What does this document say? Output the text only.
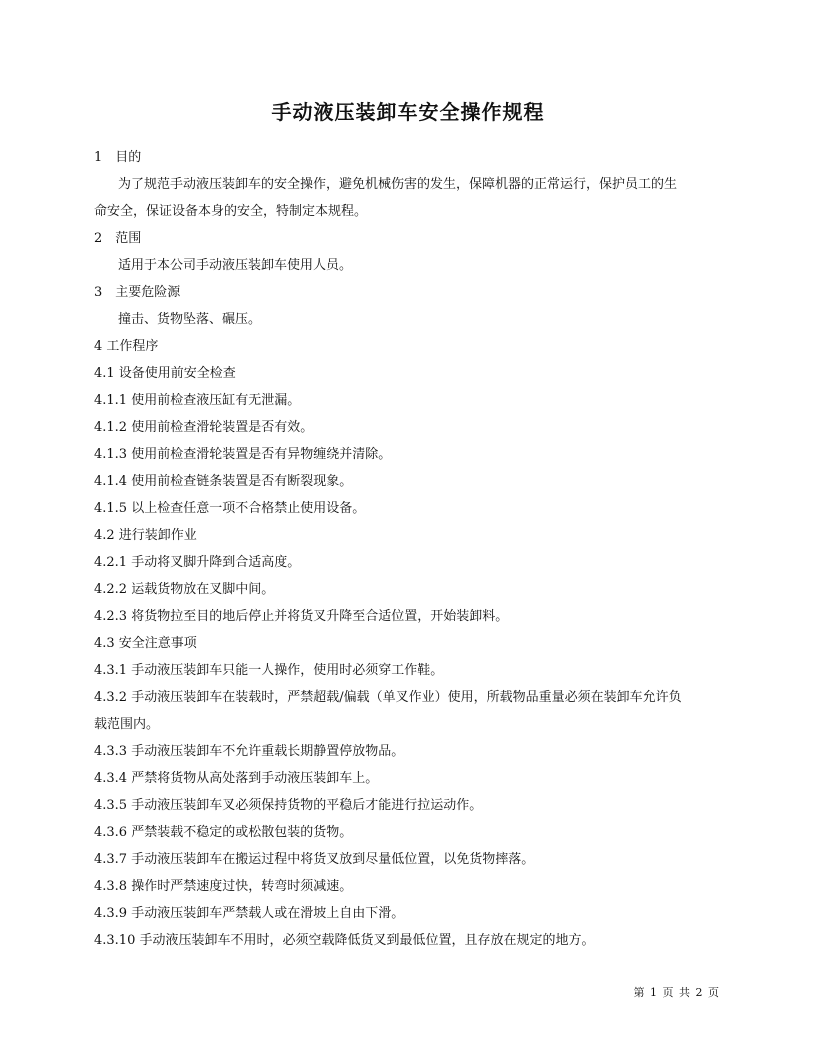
手动液压装卸车安全操作规程
1　目的
为了规范手动液压装卸车的安全操作，避免机械伤害的发生，保障机器的正常运行，保护员工的生
命安全，保证设备本身的安全，特制定本规程。
2　范围
适用于本公司手动液压装卸车使用人员。
3　主要危险源
撞击、货物坠落、碾压。
4 工作程序
4.1 设备使用前安全检查
4.1.1 使用前检查液压缸有无泄漏。
4.1.2 使用前检查滑轮装置是否有效。
4.1.3 使用前检查滑轮装置是否有异物缠绕并清除。
4.1.4 使用前检查链条装置是否有断裂现象。
4.1.5 以上检查任意一项不合格禁止使用设备。
4.2 进行装卸作业
4.2.1 手动将叉脚升降到合适高度。
4.2.2 运载货物放在叉脚中间。
4.2.3 将货物拉至目的地后停止并将货叉升降至合适位置，开始装卸料。
4.3 安全注意事项
4.3.1 手动液压装卸车只能一人操作，使用时必须穿工作鞋。
4.3.2 手动液压装卸车在装载时，严禁超载/偏载（单叉作业）使用，所载物品重量必须在装卸车允许负
载范围内。
4.3.3 手动液压装卸车不允许重载长期静置停放物品。
4.3.4 严禁将货物从高处落到手动液压装卸车上。
4.3.5 手动液压装卸车叉必须保持货物的平稳后才能进行拉运动作。
4.3.6 严禁装载不稳定的或松散包装的货物。
4.3.7 手动液压装卸车在搬运过程中将货叉放到尽量低位置，以免货物摔落。
4.3.8 操作时严禁速度过快，转弯时须减速。
4.3.9 手动液压装卸车严禁载人或在滑坡上自由下滑。
4.3.10 手动液压装卸车不用时，必须空载降低货叉到最低位置，且存放在规定的地方。
第 1 页 共 2 页
